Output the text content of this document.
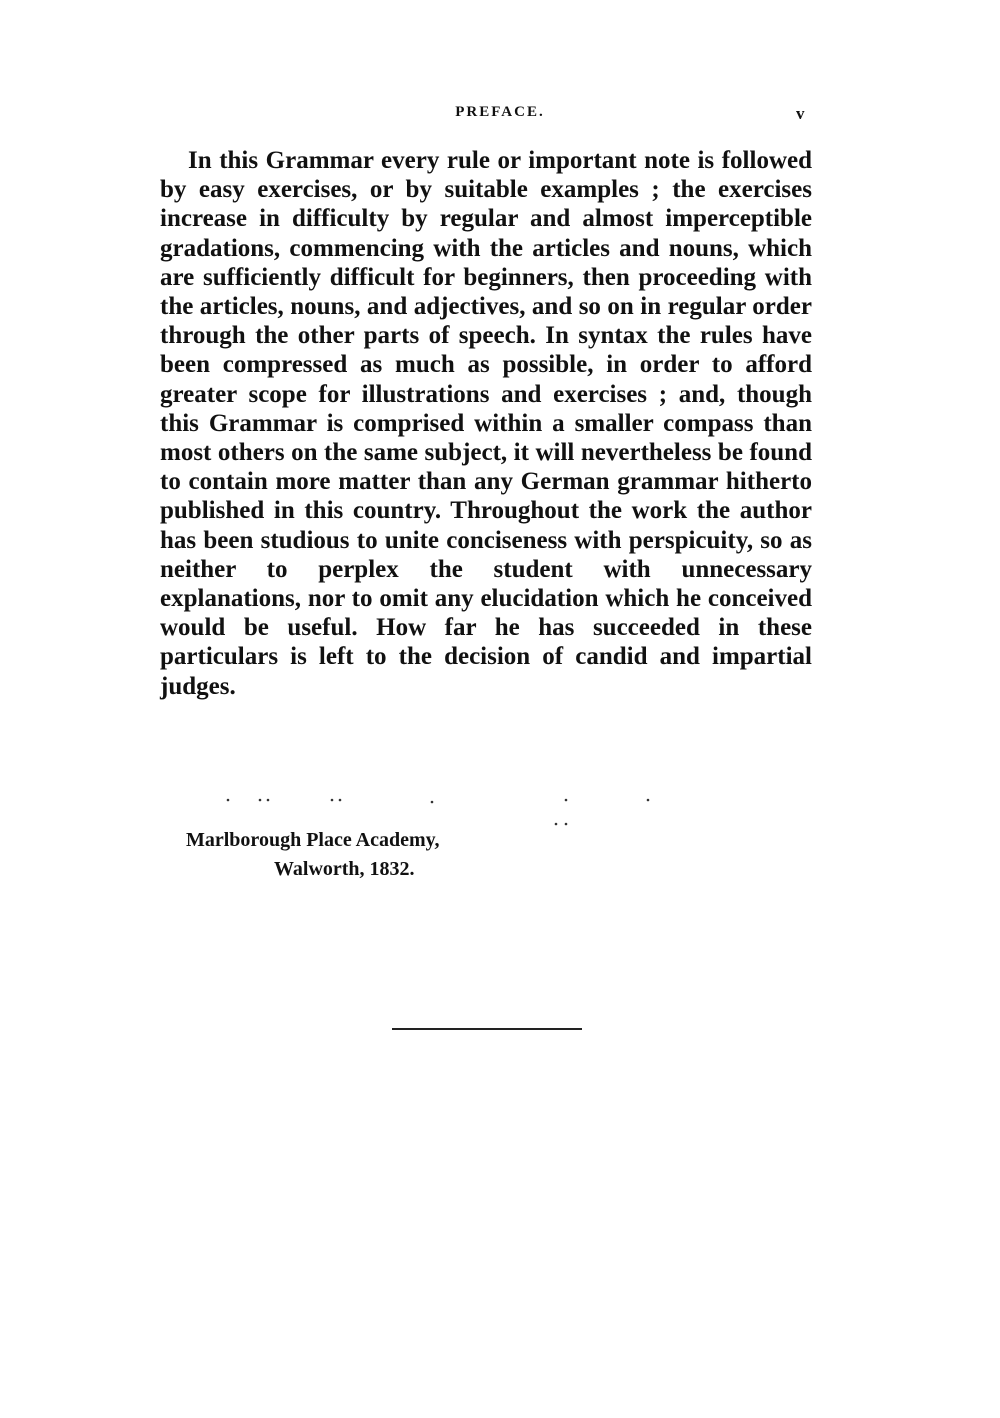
PREFACE.	v

In this Grammar every rule or important note is followed by easy exercises, or by suitable examples ; the exercises increase in difficulty by regular and almost imperceptible gradations, commencing with the articles and nouns, which are sufficiently difficult for beginners, then proceeding with the articles, nouns, and adjectives, and so on in regular order through the other parts of speech. In syntax the rules have been compressed as much as possible, in order to afford greater scope for illustrations and exercises ; and, though this Grammar is comprised within a smaller compass than most others on the same subject, it will nevertheless be found to contain more matter than any German grammar hitherto published in this country. Throughout the work the author has been studious to unite conciseness with perspicuity, so as neither to perplex the student with unnecessary explanations, nor to omit any elucidation which he conceived would be useful. How far he has succeeded in these particulars is left to the decision of candid and impartial judges.

Marlborough Place Academy,
Walworth, 1832.
